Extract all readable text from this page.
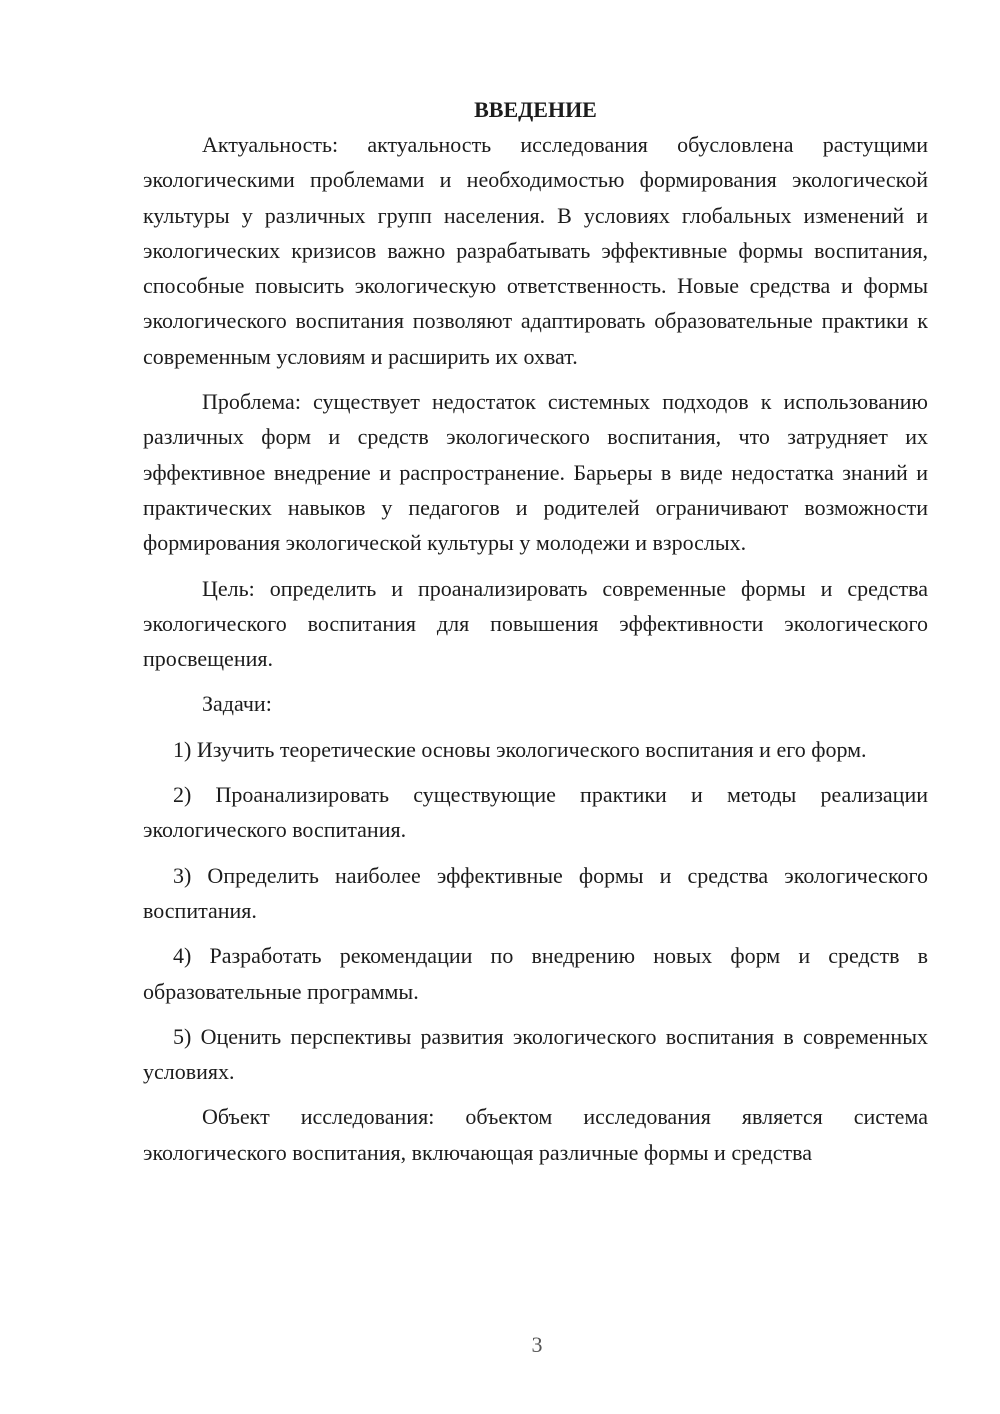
ВВЕДЕНИЕ

Актуальность: актуальность исследования обусловлена растущими экологическими проблемами и необходимостью формирования экологической культуры у различных групп населения. В условиях глобальных изменений и экологических кризисов важно разрабатывать эффективные формы воспитания, способные повысить экологическую ответственность. Новые средства и формы экологического воспитания позволяют адаптировать образовательные практики к современным условиям и расширить их охват.

Проблема: существует недостаток системных подходов к использованию различных форм и средств экологического воспитания, что затрудняет их эффективное внедрение и распространение. Барьеры в виде недостатка знаний и практических навыков у педагогов и родителей ограничивают возможности формирования экологической культуры у молодежи и взрослых.

Цель: определить и проанализировать современные формы и средства экологического воспитания для повышения эффективности экологического просвещения.

Задачи:

1) Изучить теоретические основы экологического воспитания и его форм.

2) Проанализировать существующие практики и методы реализации экологического воспитания.

3) Определить наиболее эффективные формы и средства экологического воспитания.

4) Разработать рекомендации по внедрению новых форм и средств в образовательные программы.

5) Оценить перспективы развития экологического воспитания в современных условиях.

Объект исследования: объектом исследования является система экологического воспитания, включающая различные формы и средства

3
